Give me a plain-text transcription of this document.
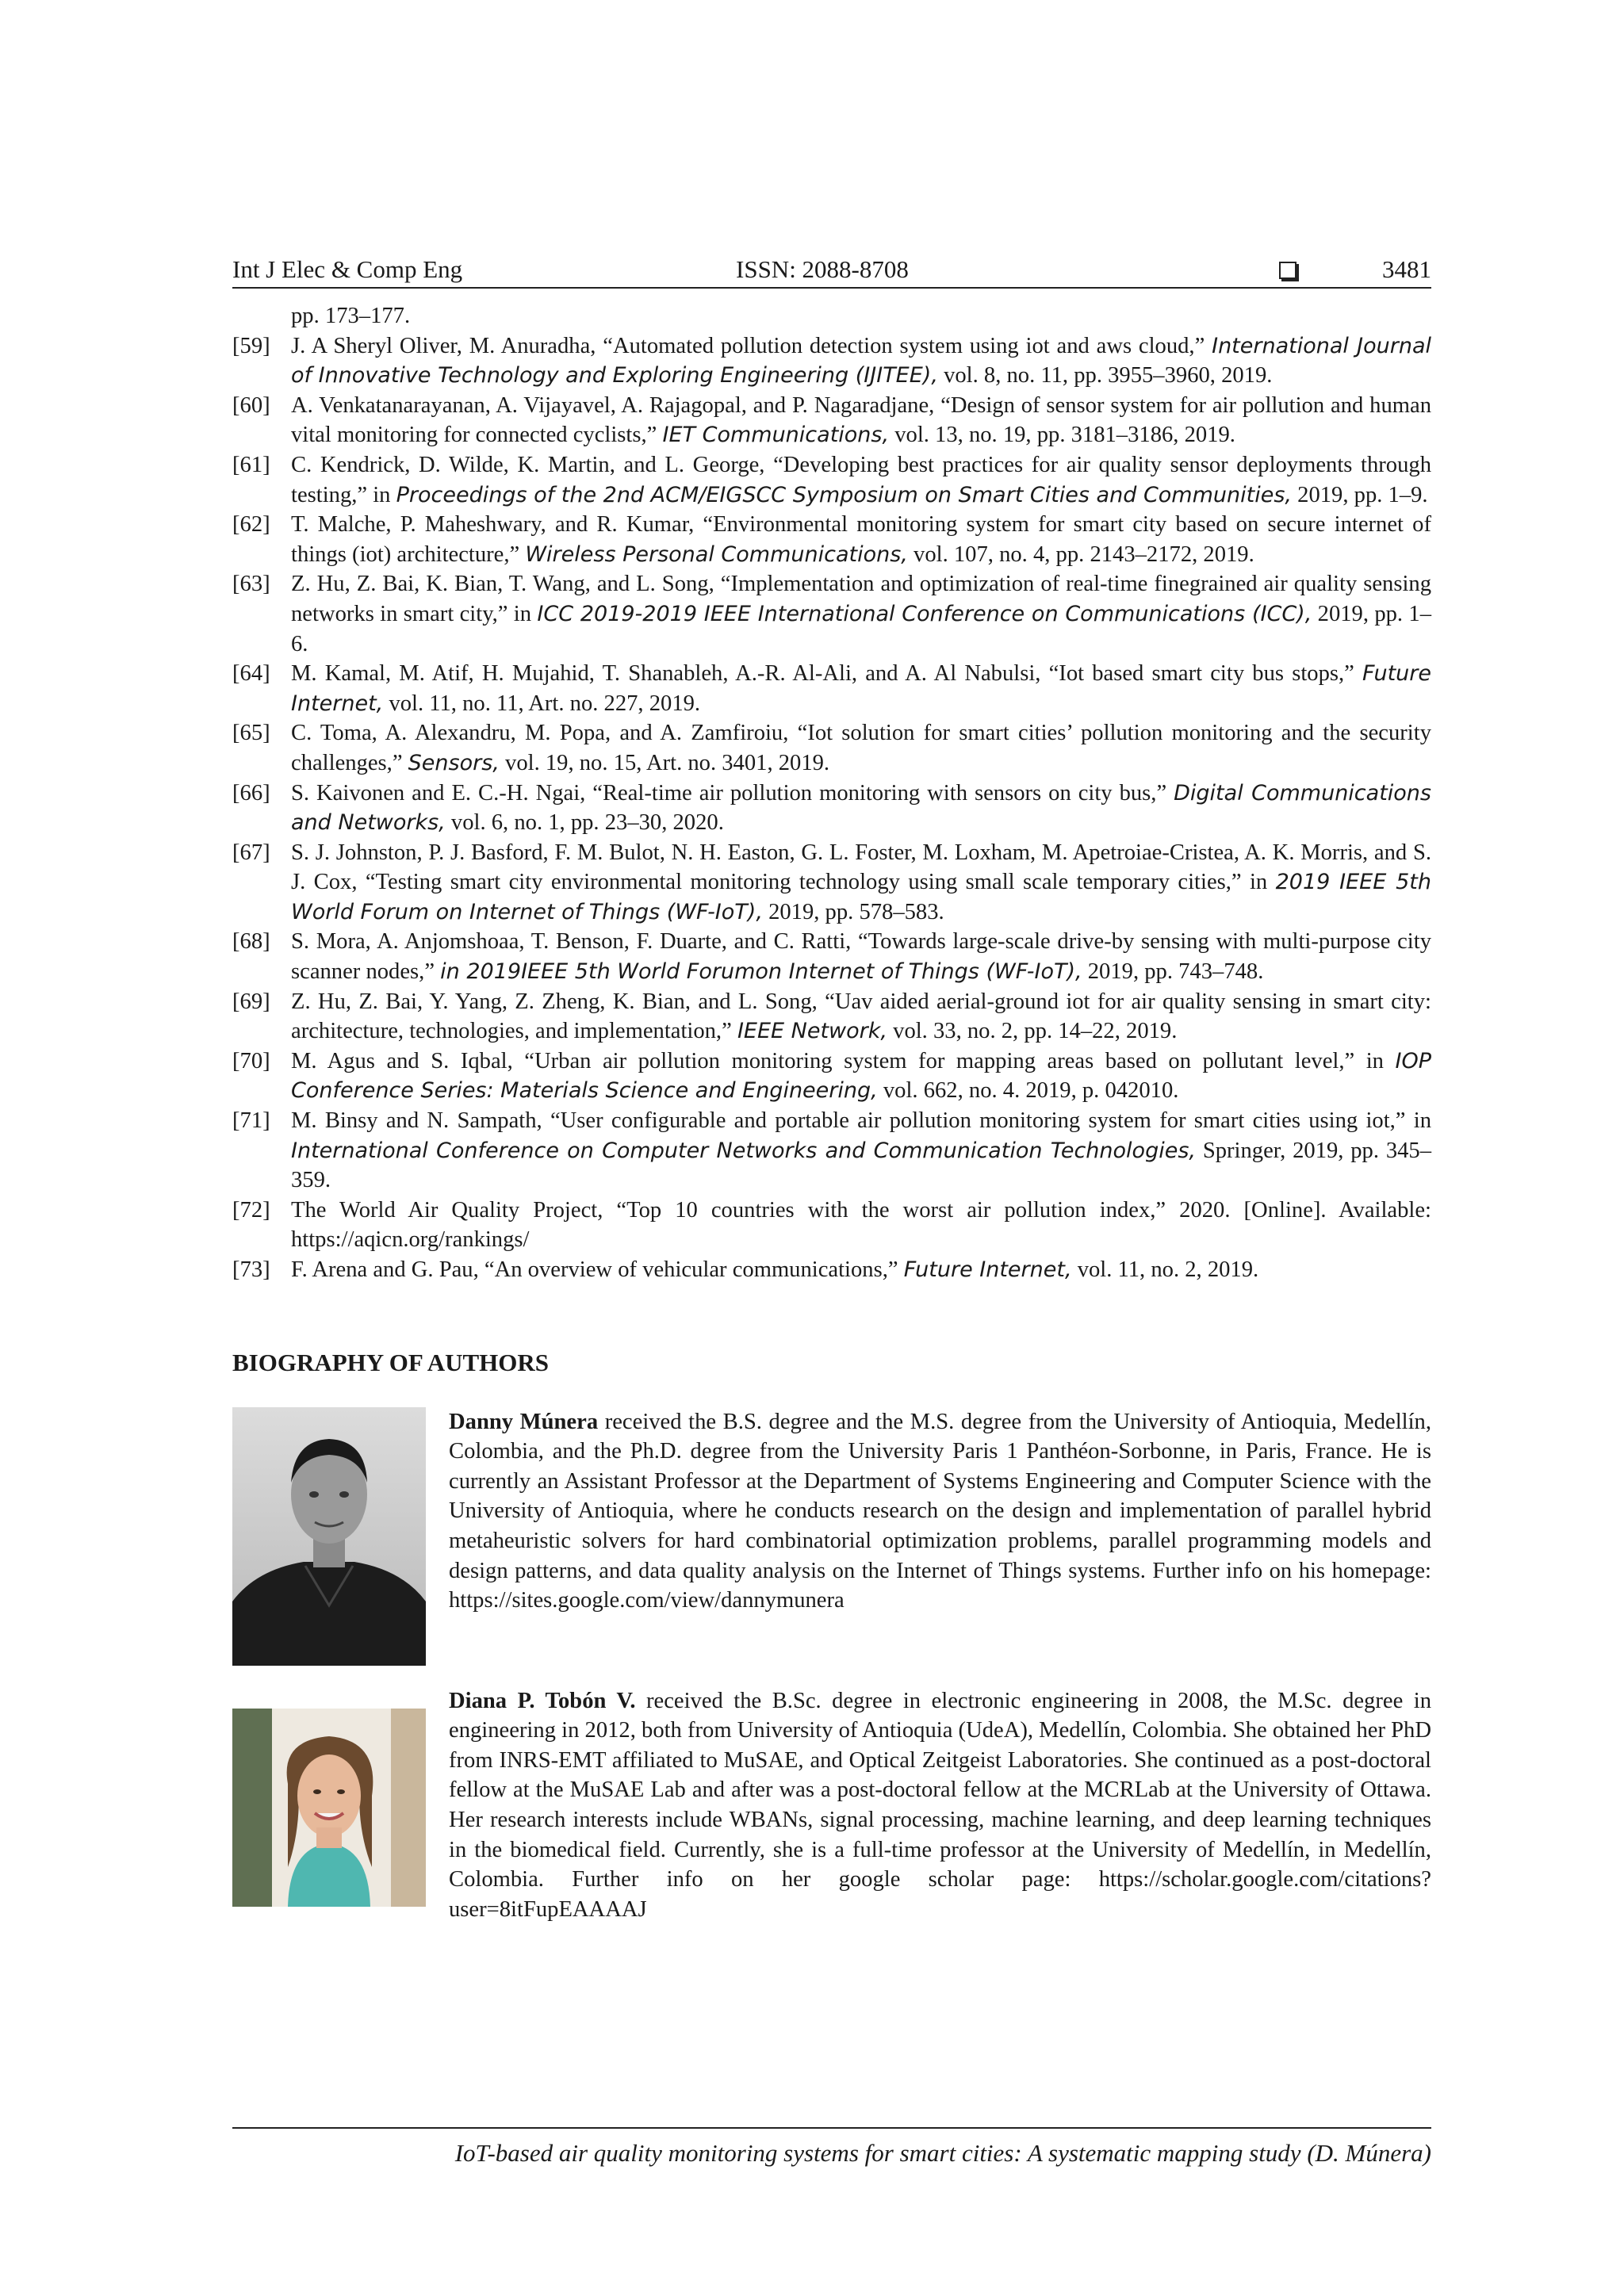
Int J Elec & Comp Eng	ISSN: 2088-8708	3481
pp. 173–177.
[59] J. A Sheryl Oliver, M. Anuradha, “Automated pollution detection system using iot and aws cloud,” International Journal of Innovative Technology and Exploring Engineering (IJITEE), vol. 8, no. 11, pp. 3955–3960, 2019.
[60] A. Venkatanarayanan, A. Vijayavel, A. Rajagopal, and P. Nagaradjane, “Design of sensor system for air pollution and human vital monitoring for connected cyclists,” IET Communications, vol. 13, no. 19, pp. 3181–3186, 2019.
[61] C. Kendrick, D. Wilde, K. Martin, and L. George, “Developing best practices for air quality sensor deployments through testing,” in Proceedings of the 2nd ACM/EIGSCC Symposium on Smart Cities and Communities, 2019, pp. 1–9.
[62] T. Malche, P. Maheshwary, and R. Kumar, “Environmental monitoring system for smart city based on secure internet of things (iot) architecture,” Wireless Personal Communications, vol. 107, no. 4, pp. 2143–2172, 2019.
[63] Z. Hu, Z. Bai, K. Bian, T. Wang, and L. Song, “Implementation and optimization of real-time finegrained air quality sensing networks in smart city,” in ICC 2019-2019 IEEE International Conference on Communications (ICC), 2019, pp. 1–6.
[64] M. Kamal, M. Atif, H. Mujahid, T. Shanableh, A.-R. Al-Ali, and A. Al Nabulsi, “Iot based smart city bus stops,” Future Internet, vol. 11, no. 11, Art. no. 227, 2019.
[65] C. Toma, A. Alexandru, M. Popa, and A. Zamfiroiu, “Iot solution for smart cities’ pollution monitoring and the security challenges,” Sensors, vol. 19, no. 15, Art. no. 3401, 2019.
[66] S. Kaivonen and E. C.-H. Ngai, “Real-time air pollution monitoring with sensors on city bus,” Digital Communications and Networks, vol. 6, no. 1, pp. 23–30, 2020.
[67] S. J. Johnston, P. J. Basford, F. M. Bulot, N. H. Easton, G. L. Foster, M. Loxham, M. Apetroiae-Cristea, A. K. Morris, and S. J. Cox, “Testing smart city environmental monitoring technology using small scale temporary cities,” in 2019 IEEE 5th World Forum on Internet of Things (WF-IoT), 2019, pp. 578–583.
[68] S. Mora, A. Anjomshoaa, T. Benson, F. Duarte, and C. Ratti, “Towards large-scale drive-by sensing with multi-purpose city scanner nodes,” in 2019IEEE 5th World Forumon Internet of Things (WF-IoT), 2019, pp. 743–748.
[69] Z. Hu, Z. Bai, Y. Yang, Z. Zheng, K. Bian, and L. Song, “Uav aided aerial-ground iot for air quality sensing in smart city: architecture, technologies, and implementation,” IEEE Network, vol. 33, no. 2, pp. 14–22, 2019.
[70] M. Agus and S. Iqbal, “Urban air pollution monitoring system for mapping areas based on pollutant level,” in IOP Conference Series: Materials Science and Engineering, vol. 662, no. 4. 2019, p. 042010.
[71] M. Binsy and N. Sampath, “User configurable and portable air pollution monitoring system for smart cities using iot,” in International Conference on Computer Networks and Communication Technologies, Springer, 2019, pp. 345–359.
[72] The World Air Quality Project, “Top 10 countries with the worst air pollution index,” 2020. [Online]. Available: https://aqicn.org/rankings/
[73] F. Arena and G. Pau, “An overview of vehicular communications,” Future Internet, vol. 11, no. 2, 2019.
BIOGRAPHY OF AUTHORS
Danny Múnera received the B.S. degree and the M.S. degree from the University of Antioquia, Medellín, Colombia, and the Ph.D. degree from the University Paris 1 Panthéon-Sorbonne, in Paris, France. He is currently an Assistant Professor at the Department of Systems Engineering and Computer Science with the University of Antioquia, where he conducts research on the design and implementation of parallel hybrid metaheuristic solvers for hard combinatorial optimization problems, parallel programming models and design patterns, and data quality analysis on the Internet of Things systems. Further info on his homepage: https://sites.google.com/view/dannymunera
Diana P. Tobón V. received the B.Sc. degree in electronic engineering in 2008, the M.Sc. degree in engineering in 2012, both from University of Antioquia (UdeA), Medellín, Colombia. She obtained her PhD from INRS-EMT affiliated to MuSAE, and Optical Zeitgeist Laboratories. She continued as a post-doctoral fellow at the MuSAE Lab and after was a post-doctoral fellow at the MCRLab at the University of Ottawa. Her research interests include WBANs, signal processing, machine learning, and deep learning techniques in the biomedical field. Currently, she is a full-time professor at the University of Medellín, in Medellín, Colombia. Further info on her google scholar page: https://scholar.google.com/citations?user=8itFupEAAAAJ
IoT-based air quality monitoring systems for smart cities: A systematic mapping study (D. Múnera)
